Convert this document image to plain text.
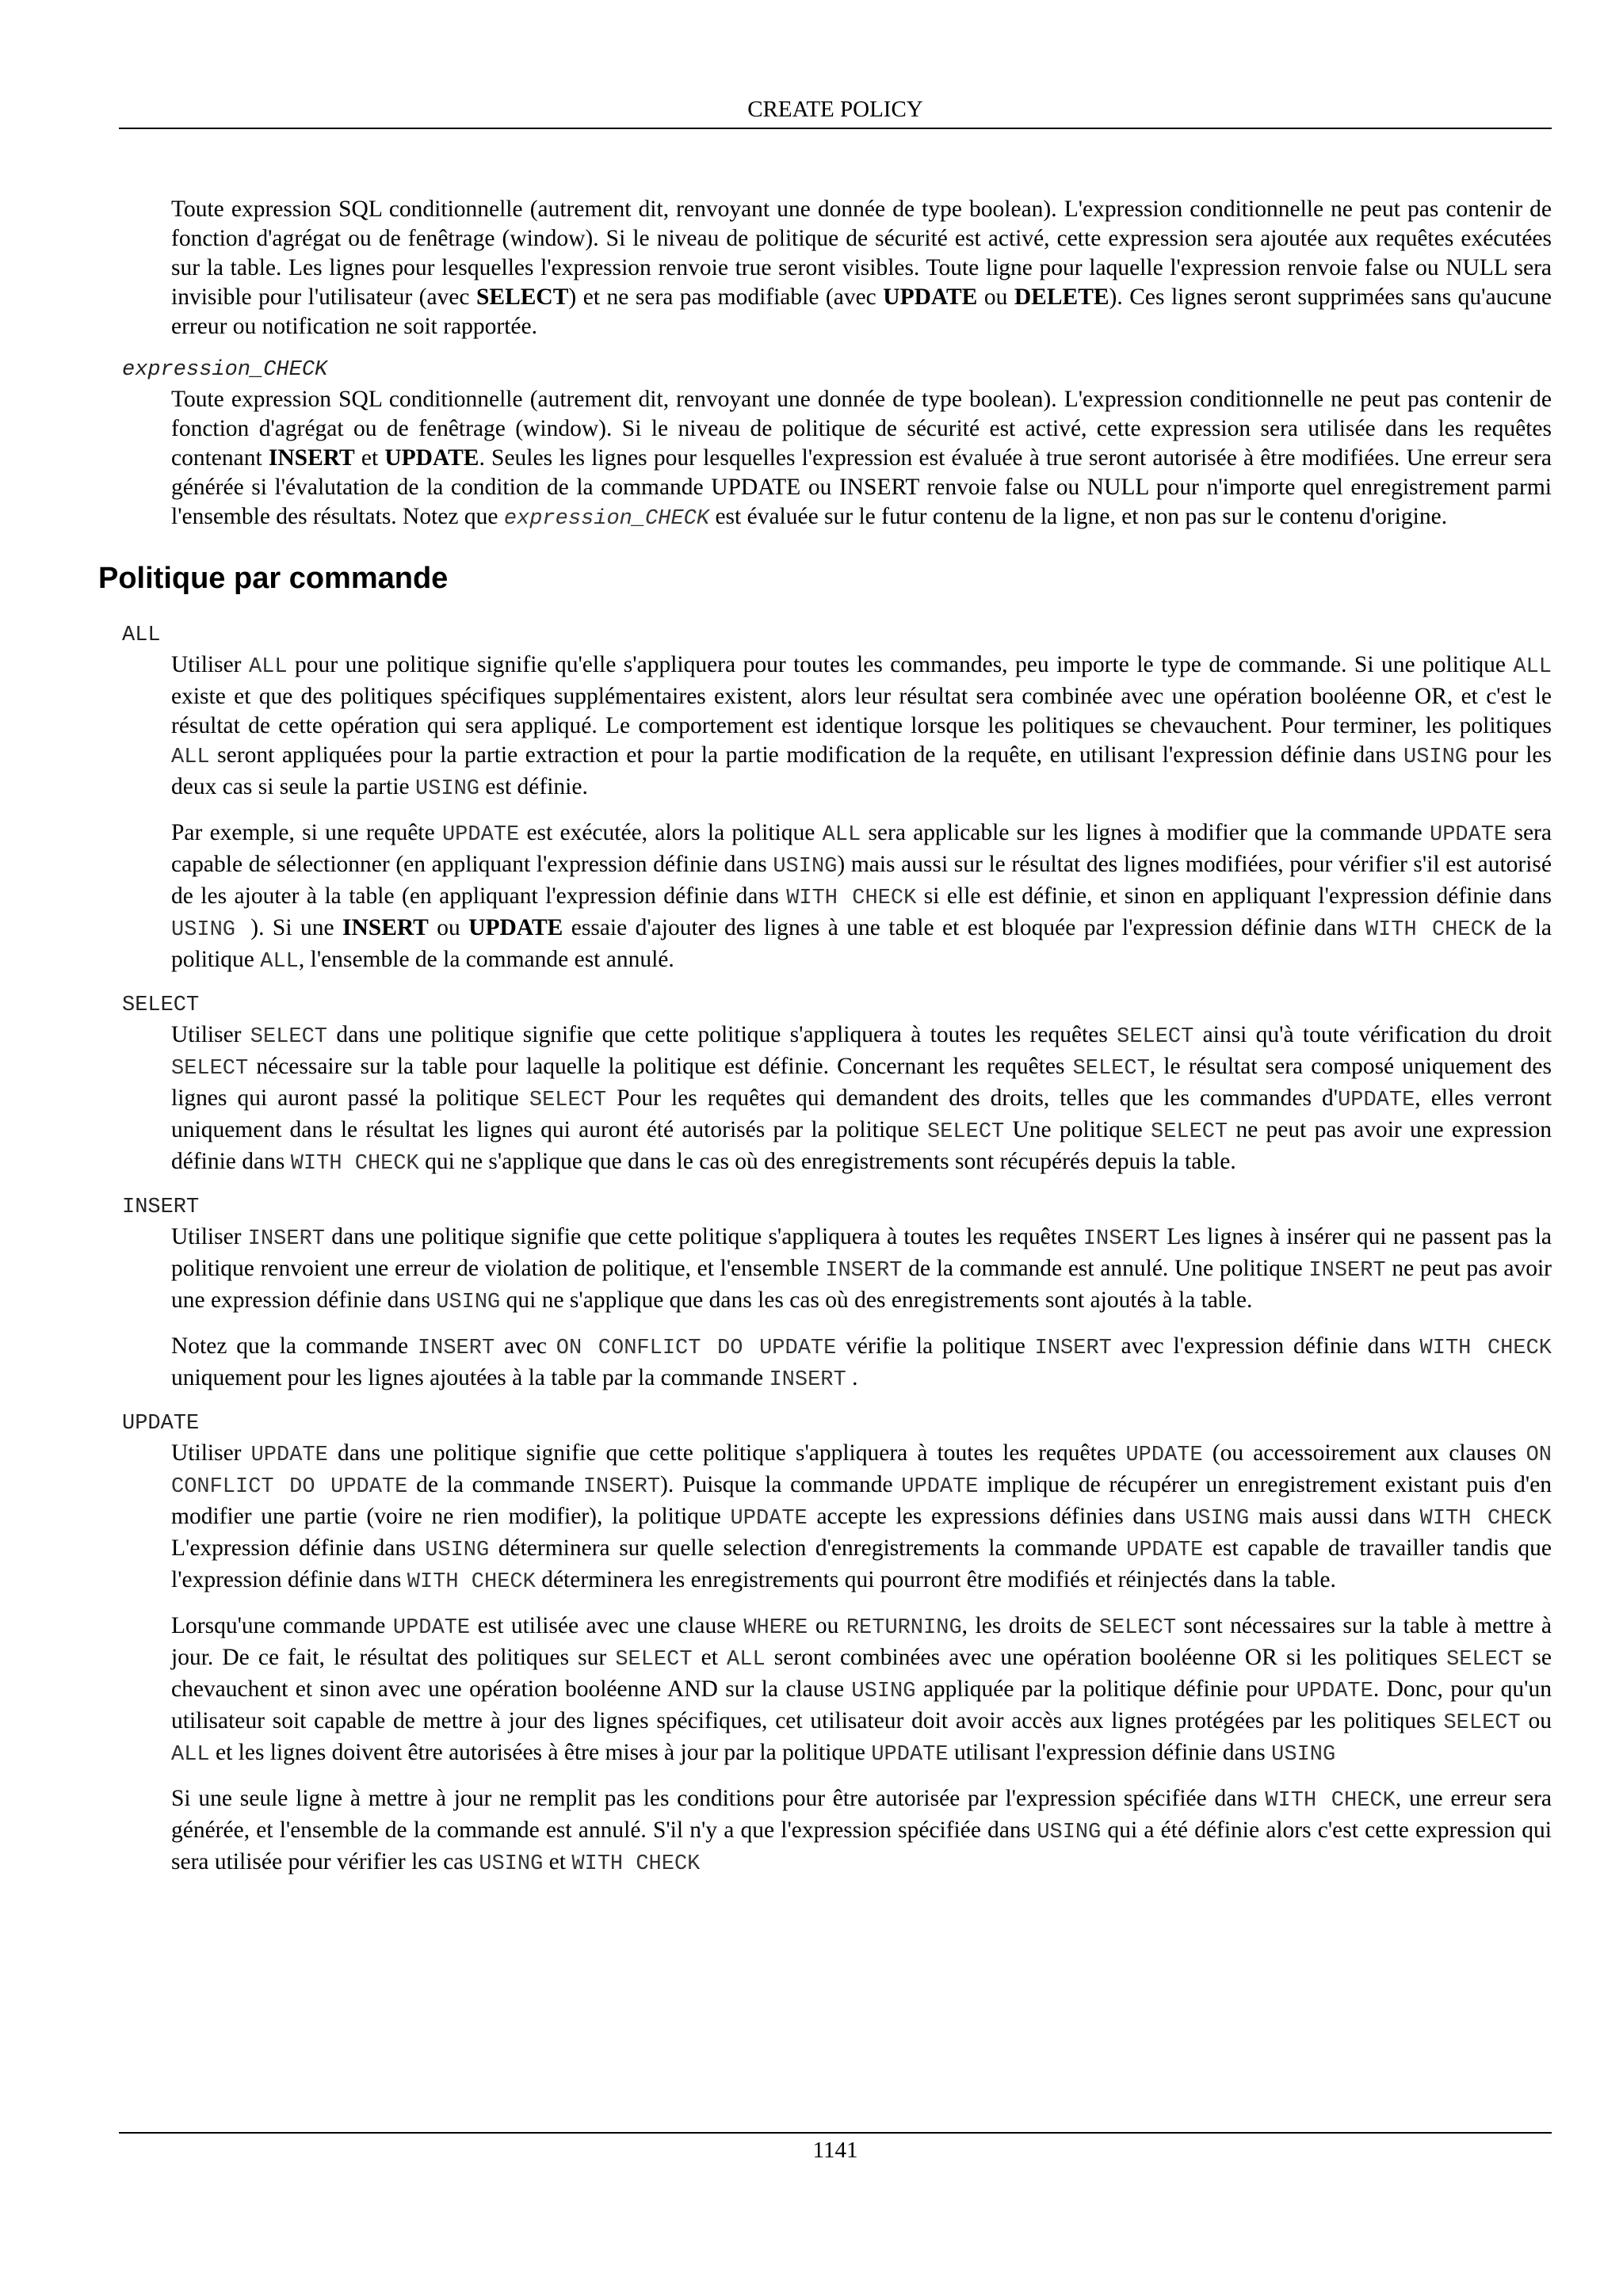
CREATE POLICY

Toute expression SQL conditionnelle (autrement dit, renvoyant une donnée de type boolean). L'expression conditionnelle ne peut pas contenir de fonction d'agrégat ou de fenêtrage (window). Si le niveau de politique de sécurité est activé, cette expression sera ajoutée aux requêtes exécutées sur la table. Les lignes pour lesquelles l'expression renvoie true seront visibles. Toute ligne pour laquelle l'expression renvoie false ou NULL sera invisible pour l'utilisateur (avec SELECT) et ne sera pas modifiable (avec UPDATE ou DELETE). Ces lignes seront supprimées sans qu'aucune erreur ou notification ne soit rapportée.

expression_CHECK

Toute expression SQL conditionnelle (autrement dit, renvoyant une donnée de type boolean). L'expression conditionnelle ne peut pas contenir de fonction d'agrégat ou de fenêtrage (window). Si le niveau de politique de sécurité est activé, cette expression sera utilisée dans les requêtes contenant INSERT et UPDATE. Seules les lignes pour lesquelles l'expression est évaluée à true seront autorisée à être modifiées. Une erreur sera générée si l'évalutation de la condition de la commande UPDATE ou INSERT renvoie false ou NULL pour n'importe quel enregistrement parmi l'ensemble des résultats. Notez que expression_CHECK est évaluée sur le futur contenu de la ligne, et non pas sur le contenu d'origine.

Politique par commande
ALL

Utiliser ALL pour une politique signifie qu'elle s'appliquera pour toutes les commandes, peu importe le type de commande. Si une politique ALL existe et que des politiques spécifiques supplémentaires existent, alors leur résultat sera combinée avec une opération booléenne OR, et c'est le résultat de cette opération qui sera appliqué. Le comportement est identique lorsque les politiques se chevauchent. Pour terminer, les politiques ALL seront appliquées pour la partie extraction et pour la partie modification de la requête, en utilisant l'expression définie dans USING pour les deux cas si seule la partie USING est définie.

Par exemple, si une requête UPDATE est exécutée, alors la politique ALL sera applicable sur les lignes à modifier que la commande UPDATE sera capable de sélectionner (en appliquant l'expression définie dans USING) mais aussi sur le résultat des lignes modifiées, pour vérifier s'il est autorisé de les ajouter à la table (en appliquant l'expression définie dans WITH CHECK si elle est définie, et sinon en appliquant l'expression définie dans USING ). Si une INSERT ou UPDATE essaie d'ajouter des lignes à une table et est bloquée par l'expression définie dans WITH CHECK de la politique ALL, l'ensemble de la commande est annulé.

SELECT

Utiliser SELECT dans une politique signifie que cette politique s'appliquera à toutes les requêtes SELECT ainsi qu'à toute vérification du droit SELECT nécessaire sur la table pour laquelle la politique est définie. Concernant les requêtes SELECT, le résultat sera composé uniquement des lignes qui auront passé la politique SELECT Pour les requêtes qui demandent des droits, telles que les commandes d'UPDATE, elles verront uniquement dans le résultat les lignes qui auront été autorisés par la politique SELECT Une politique SELECT ne peut pas avoir une expression définie dans WITH CHECK qui ne s'applique que dans le cas où des enregistrements sont récupérés depuis la table.

INSERT

Utiliser INSERT dans une politique signifie que cette politique s'appliquera à toutes les requêtes INSERT Les lignes à insérer qui ne passent pas la politique renvoient une erreur de violation de politique, et l'ensemble INSERT de la commande est annulé. Une politique INSERT ne peut pas avoir une expression définie dans USING qui ne s'applique que dans les cas où des enregistrements sont ajoutés à la table.

Notez que la commande INSERT avec ON CONFLICT DO UPDATE vérifie la politique INSERT avec l'expression définie dans WITH CHECK uniquement pour les lignes ajoutées à la table par la commande INSERT .

UPDATE

Utiliser UPDATE dans une politique signifie que cette politique s'appliquera à toutes les requêtes UPDATE (ou accessoirement aux clauses ON CONFLICT DO UPDATE de la commande INSERT). Puisque la commande UPDATE implique de récupérer un enregistrement existant puis d'en modifier une partie (voire ne rien modifier), la politique UPDATE accepte les expressions définies dans USING mais aussi dans WITH CHECK L'expression définie dans USING déterminera sur quelle selection d'enregistrements la commande UPDATE est capable de travailler tandis que l'expression définie dans WITH CHECK déterminera les enregistrements qui pourront être modifiés et réinjectés dans la table.

Lorsqu'une commande UPDATE est utilisée avec une clause WHERE ou RETURNING, les droits de SELECT sont nécessaires sur la table à mettre à jour. De ce fait, le résultat des politiques sur SELECT et ALL seront combinées avec une opération booléenne OR si les politiques SELECT se chevauchent et sinon avec une opération booléenne AND sur la clause USING appliquée par la politique définie pour UPDATE. Donc, pour qu'un utilisateur soit capable de mettre à jour des lignes spécifiques, cet utilisateur doit avoir accès aux lignes protégées par les politiques SELECT ou ALL et les lignes doivent être autorisées à être mises à jour par la politique UPDATE utilisant l'expression définie dans USING

Si une seule ligne à mettre à jour ne remplit pas les conditions pour être autorisée par l'expression spécifiée dans WITH CHECK, une erreur sera générée, et l'ensemble de la commande est annulé. S'il n'y a que l'expression spécifiée dans USING qui a été définie alors c'est cette expression qui sera utilisée pour vérifier les cas USING et WITH CHECK

1141
